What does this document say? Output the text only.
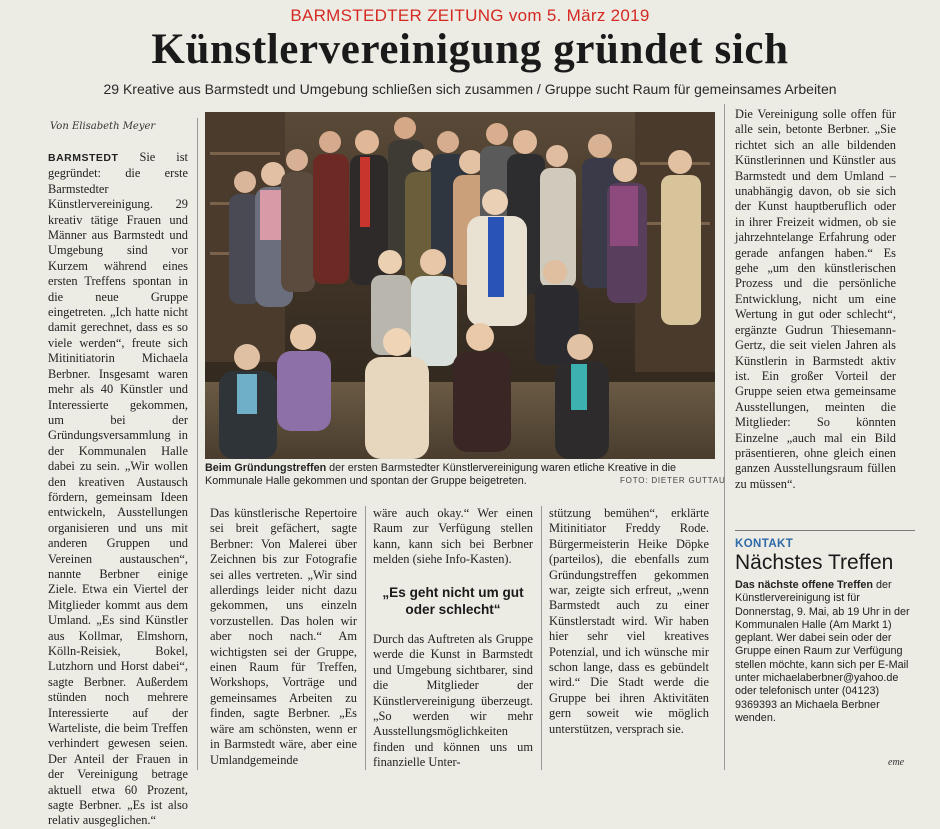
BARMSTEDTER ZEITUNG vom 5. März 2019
Künstlervereinigung gründet sich
29 Kreative aus Barmstedt und Umgebung schließen sich zusammen / Gruppe sucht Raum für gemeinsames Arbeiten
Von Elisabeth Meyer

BARMSTEDT Sie ist gegründet: die erste Barmstedter Künstlervereinigung. 29 kreativ tätige Frauen und Männer aus Barmstedt und Umgebung sind vor Kurzem während eines ersten Treffens spontan in die neue Gruppe eingetreten. „Ich hatte nicht damit gerechnet, dass es so viele werden“, freute sich Mitinitiatorin Michaela Berbner. Insgesamt waren mehr als 40 Künstler und Interessierte gekommen, um bei der Gründungsversammlung in der Kommunalen Halle dabei zu sein. „Wir wollen den kreativen Austausch fördern, gemeinsam Ideen entwickeln, Ausstellungen organisieren und uns mit anderen Gruppen und Vereinen austauschen“, nannte Berbner einige Ziele. Etwa ein Viertel der Mitglieder kommt aus dem Umland. „Es sind Künstler aus Kollmar, Elmshorn, Kölln-Reisiek, Bokel, Lutzhorn und Horst dabei“, sagte Berbner. Außerdem stünden noch mehrere Interessierte auf der Warteliste, die beim Treffen verhindert gewesen seien. Der Anteil der Frauen in der Vereinigung betrage aktuell etwa 60 Prozent, sagte Berbner. „Es ist also relativ ausgeglichen.“

Beim Gründungstreffen der ersten Barmstedter Künstlervereinigung waren etliche Kreative in die Kommunale Halle gekommen und spontan der Gruppe beigetreten.	FOTO: DIETER GUTTAU

Das künstlerische Repertoire sei breit gefächert, sagte Berbner: Von Malerei über Zeichnen bis zur Fotografie sei alles vertreten. „Wir sind allerdings leider nicht dazu gekommen, uns einzeln vorzustellen. Das holen wir aber noch nach.“ Am wichtigsten sei der Gruppe, einen Raum für Treffen, Workshops, Vorträge und gemeinsames Arbeiten zu finden, sagte Berbner. „Es wäre am schönsten, wenn er in Barmstedt wäre, aber eine Umlandgemeinde

wäre auch okay.“ Wer einen Raum zur Verfügung stellen kann, kann sich bei Berbner melden (siehe Info-Kasten).

„Es geht nicht um gut oder schlecht“

Durch das Auftreten als Gruppe werde die Kunst in Barmstedt und Umgebung sichtbarer, sind die Mitglieder der Künstlervereinigung überzeugt. „So werden wir mehr Ausstellungsmöglichkeiten finden und können uns um finanzielle Unter-

stützung bemühen“, erklärte Mitinitiator Freddy Rode. Bürgermeisterin Heike Döpke (parteilos), die ebenfalls zum Gründungstreffen gekommen war, zeigte sich erfreut, „wenn Barmstedt auch zu einer Künstlerstadt wird. Wir haben hier sehr viel kreatives Potenzial, und ich wünsche mir schon lange, dass es gebündelt wird.“ Die Stadt werde die Gruppe bei ihren Aktivitäten gern soweit wie möglich unterstützen, versprach sie.

Die Vereinigung solle offen für alle sein, betonte Berbner. „Sie richtet sich an alle bildenden Künstlerinnen und Künstler aus Barmstedt und dem Umland – unabhängig davon, ob sie sich der Kunst hauptberuflich oder in ihrer Freizeit widmen, ob sie jahrzehntelange Erfahrung oder gerade anfangen haben.“ Es gehe „um den künstlerischen Prozess und die persönliche Entwicklung, nicht um eine Wertung in gut oder schlecht“, ergänzte Gudrun Thiesemann-Gertz, die seit vielen Jahren als Künstlerin in Barmstedt aktiv ist. Ein großer Vorteil der Gruppe seien etwa gemeinsame Ausstellungen, meinten die Mitglieder: So könnten Einzelne „auch mal ein Bild präsentieren, ohne gleich einen ganzen Ausstellungsraum füllen zu müssen“.

KONTAKT
Nächstes Treffen
Das nächste offene Treffen der Künstlervereinigung ist für Donnerstag, 9. Mai, ab 19 Uhr in der Kommunalen Halle (Am Markt 1) geplant. Wer dabei sein oder der Gruppe einen Raum zur Verfügung stellen möchte, kann sich per E-Mail unter michaelaberbner@yahoo.de oder telefonisch unter (04123) 9369393 an Michaela Berbner wenden.
eme
